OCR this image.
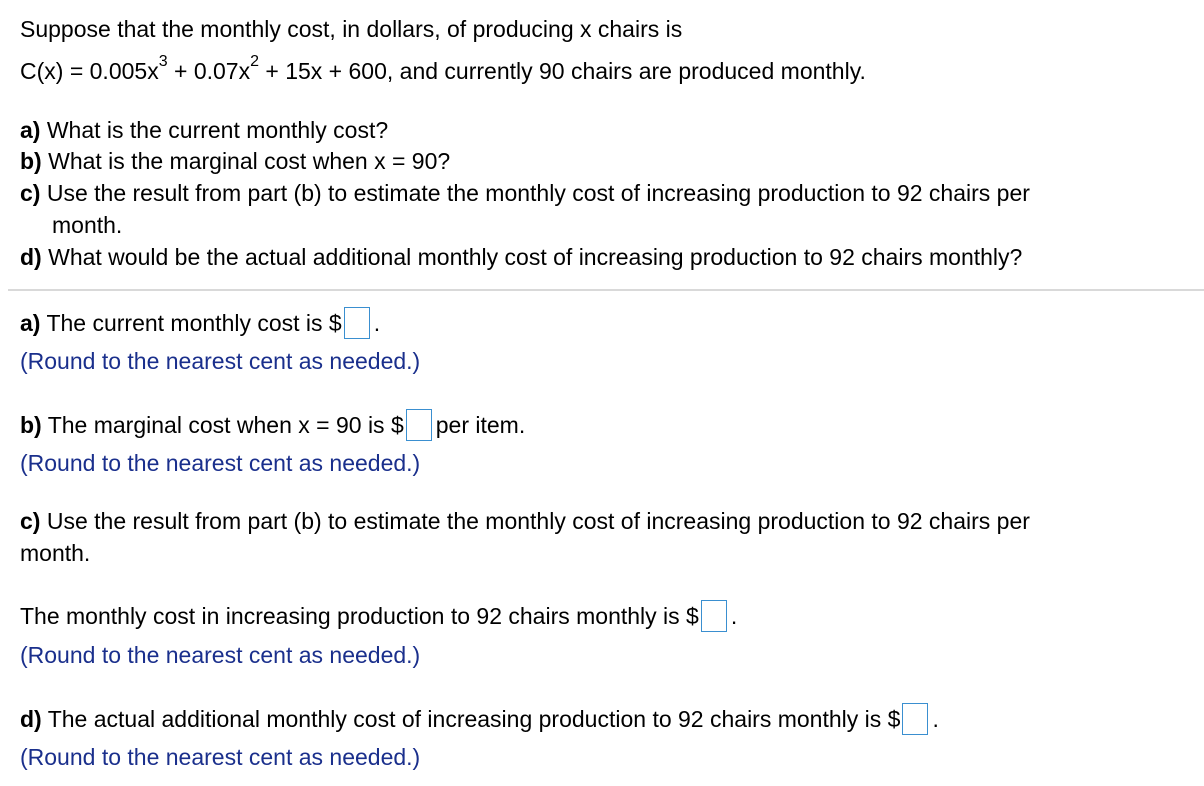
Suppose that the monthly cost, in dollars, of producing x chairs is
$C(x) = 0.005x^3 + 0.07x^2 + 15x + 600$, and currently 90 chairs are produced monthly.
a) What is the current monthly cost?
b) What is the marginal cost when x = 90?
c) Use the result from part (b) to estimate the monthly cost of increasing production to 92 chairs per
month.
d) What would be the actual additional monthly cost of increasing production to 92 chairs monthly?
a) The current monthly cost is $ .
(Round to the nearest cent as needed.)
b) The marginal cost when x = 90 is $ per item.
(Round to the nearest cent as needed.)
c) Use the result from part (b) to estimate the monthly cost of increasing production to 92 chairs per
month.
The monthly cost in increasing production to 92 chairs monthly is $ .
(Round to the nearest cent as needed.)
d) The actual additional monthly cost of increasing production to 92 chairs monthly is $ .
(Round to the nearest cent as needed.)
